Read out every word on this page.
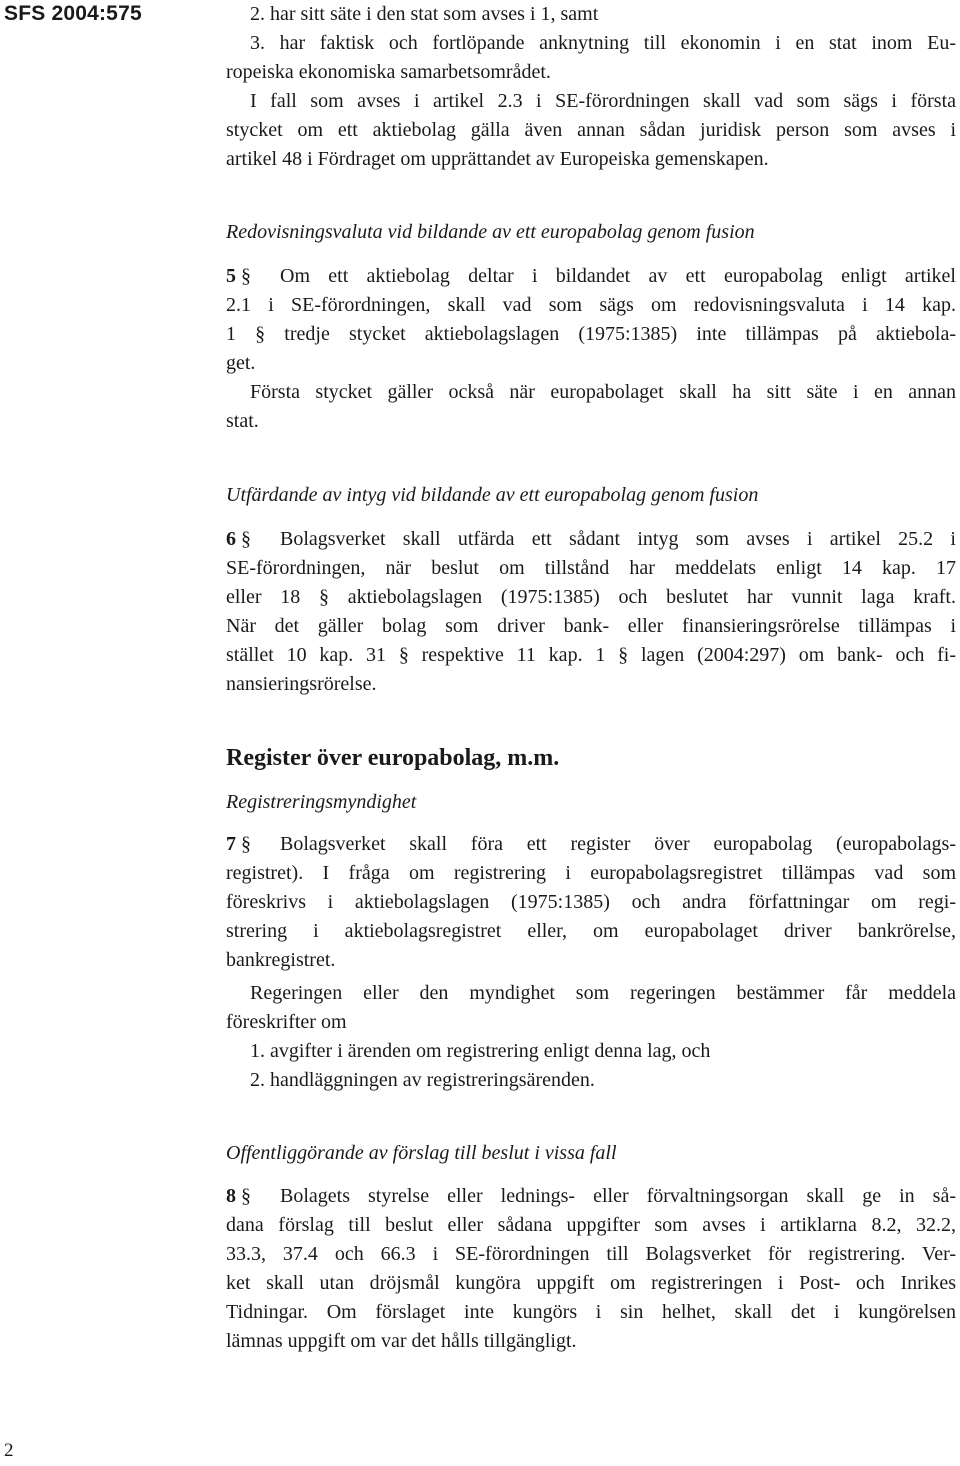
SFS 2004:575	2. har sitt säte i den stat som avses i 1, samt
3. har faktisk och fortlöpande anknytning till ekonomin i en stat inom Eu-
ropeiska ekonomiska samarbetsområdet.
I fall som avses i artikel 2.3 i SE-förordningen skall vad som sägs i första
stycket om ett aktiebolag gälla även annan sådan juridisk person som avses i
artikel 48 i Fördraget om upprättandet av Europeiska gemenskapen.
Redovisningsvaluta vid bildande av ett europabolag genom fusion
5 § Om ett aktiebolag deltar i bildandet av ett europabolag enligt artikel
2.1 i SE-förordningen, skall vad som sägs om redovisningsvaluta i 14 kap.
1 § tredje stycket aktiebolagslagen (1975:1385) inte tillämpas på aktiebola-
get.
Första stycket gäller också när europabolaget skall ha sitt säte i en annan
stat.
Utfärdande av intyg vid bildande av ett europabolag genom fusion
6 § Bolagsverket skall utfärda ett sådant intyg som avses i artikel 25.2 i
SE-förordningen, när beslut om tillstånd har meddelats enligt 14 kap. 17
eller 18 § aktiebolagslagen (1975:1385) och beslutet har vunnit laga kraft.
När det gäller bolag som driver bank- eller finansieringsrörelse tillämpas i
stället 10 kap. 31 § respektive 11 kap. 1 § lagen (2004:297) om bank- och fi-
nansieringsrörelse.
Register över europabolag, m.m.
Registreringsmyndighet
7 § Bolagsverket skall föra ett register över europabolag (europabolags-
registret). I fråga om registrering i europabolagsregistret tillämpas vad som
föreskrivs i aktiebolagslagen (1975:1385) och andra författningar om regi-
strering i aktiebolagsregistret eller, om europabolaget driver bankrörelse,
bankregistret.
Regeringen eller den myndighet som regeringen bestämmer får meddela
föreskrifter om
1. avgifter i ärenden om registrering enligt denna lag, och
2. handläggningen av registreringsärenden.
Offentliggörande av förslag till beslut i vissa fall
8 § Bolagets styrelse eller lednings- eller förvaltningsorgan skall ge in så-
dana förslag till beslut eller sådana uppgifter som avses i artiklarna 8.2, 32.2,
33.3, 37.4 och 66.3 i SE-förordningen till Bolagsverket för registrering. Ver-
ket skall utan dröjsmål kungöra uppgift om registreringen i Post- och Inrikes
Tidningar. Om förslaget inte kungörs i sin helhet, skall det i kungörelsen
lämnas uppgift om var det hålls tillgängligt.
2
